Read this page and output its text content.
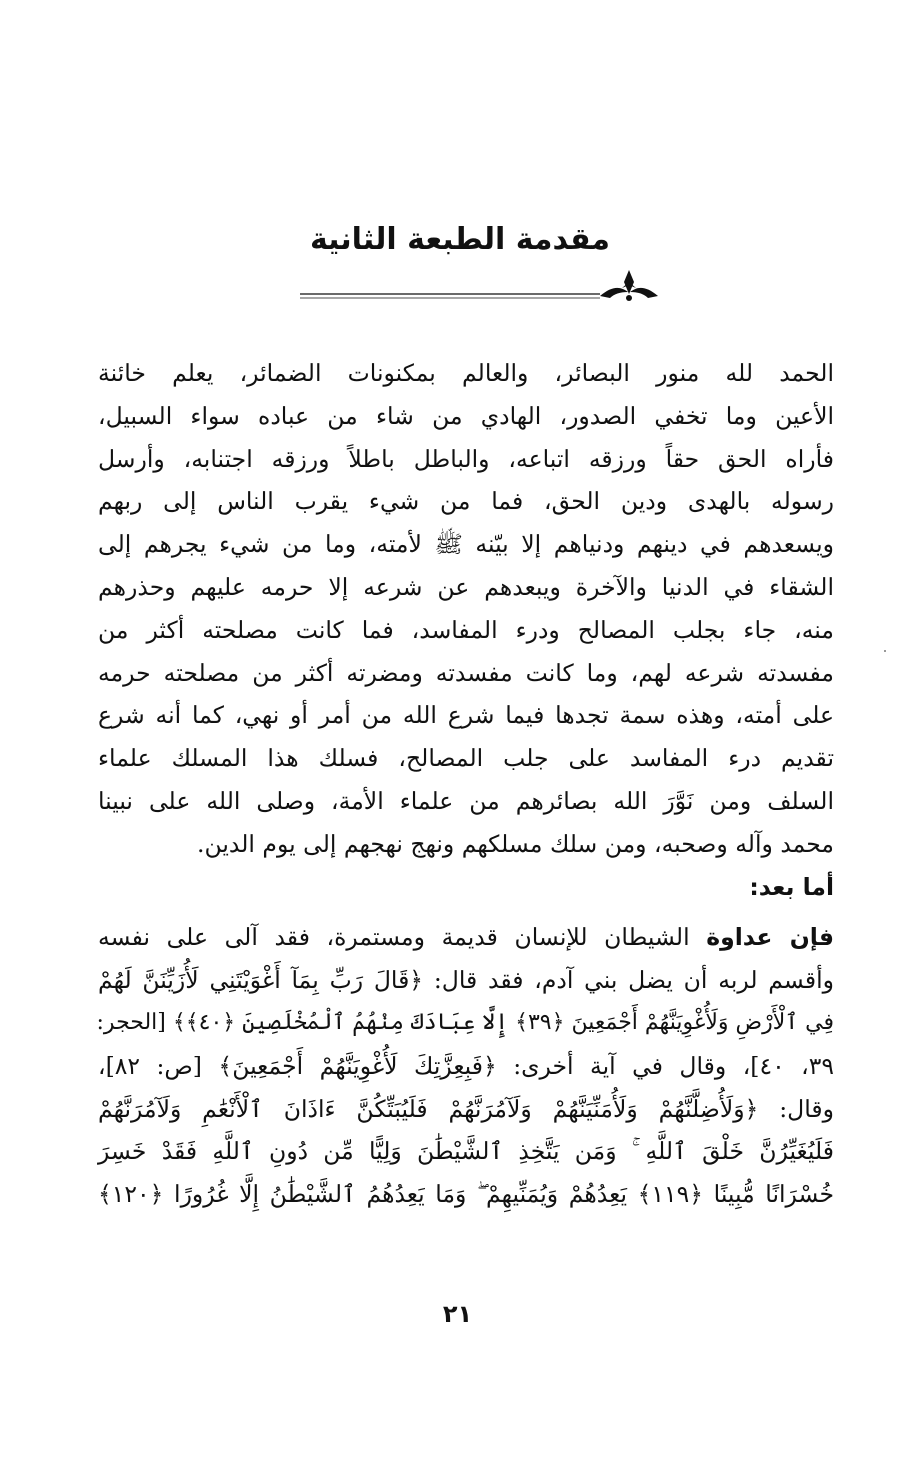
مقدمة الطبعة الثانية
الحمد لله منور البصائر، والعالم بمكنونات الضمائر، يعلم خائنة
الأعين وما تخفي الصدور، الهادي من شاء من عباده سواء السبيل،
فأراه الحق حقاً ورزقه اتباعه، والباطل باطلاً ورزقه اجتنابه، وأرسل
رسوله بالهدى ودين الحق، فما من شيء يقرب الناس إلى ربهم
ويسعدهم في دينهم ودنياهم إلا بيّنه ﷺ لأمته، وما من شيء يجرهم إلى
الشقاء في الدنيا والآخرة ويبعدهم عن شرعه إلا حرمه عليهم وحذرهم
منه، جاء بجلب المصالح ودرء المفاسد، فما كانت مصلحته أكثر من
مفسدته شرعه لهم، وما كانت مفسدته ومضرته أكثر من مصلحته حرمه
على أمته، وهذه سمة تجدها فيما شرع الله من أمر أو نهي، كما أنه شرع
تقديم درء المفاسد على جلب المصالح، فسلك هذا المسلك علماء
السلف ومن نَوَّرَ الله بصائرهم من علماء الأمة، وصلى الله على نبينا
محمد وآله وصحبه، ومن سلك مسلكهم ونهج نهجهم إلى يوم الدين.
أما بعد:
فإن عداوة الشيطان للإنسان قديمة ومستمرة، فقد آلى على نفسه
وأقسم لربه أن يضل بني آدم، فقد قال: ﴿قَالَ رَبِّ بِمَآ أَغْوَيْتَنِي لَأُزَيِّنَنَّ لَهُمْ
فِي ٱلْأَرْضِ وَلَأُغْوِيَنَّهُمْ أَجْمَعِينَ ﴿٣٩﴾ إِلَّا عِبَادَكَ مِنْهُمُ ٱلْمُخْلَصِينَ ﴿٤٠﴾﴾ [الحجر:
٣٩، ٤٠]، وقال في آية أخرى: ﴿فَبِعِزَّتِكَ لَأُغْوِيَنَّهُمْ أَجْمَعِينَ﴾ [ص: ٨٢]،
وقال: ﴿وَلَأُضِلَّنَّهُمْ وَلَأُمَنِّيَنَّهُمْ وَلَآمُرَنَّهُمْ فَلَيُبَتِّكُنَّ ءَاذَانَ ٱلْأَنْعَٰمِ وَلَآمُرَنَّهُمْ
فَلَيُغَيِّرُنَّ خَلْقَ ٱللَّهِ ۚ وَمَن يَتَّخِذِ ٱلشَّيْطَٰنَ وَلِيًّا مِّن دُونِ ٱللَّهِ فَقَدْ خَسِرَ
خُسْرَانًا مُّبِينًا ﴿١١٩﴾ يَعِدُهُمْ وَيُمَنِّيهِمْ ۖ وَمَا يَعِدُهُمُ ٱلشَّيْطَٰنُ إِلَّا غُرُورًا ﴿١٢٠﴾
٢١
